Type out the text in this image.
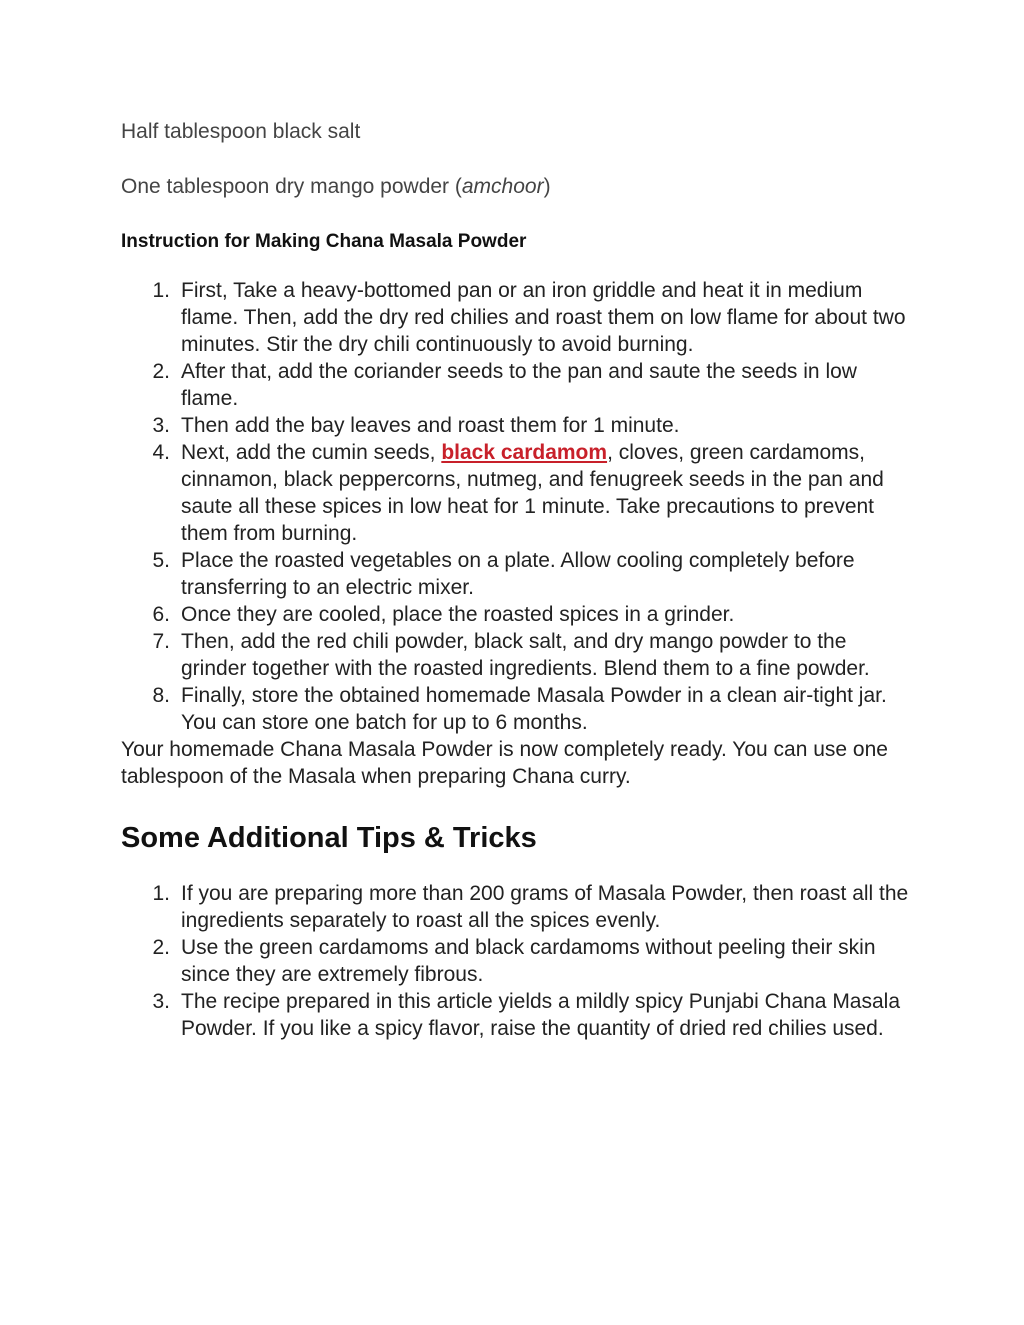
Half tablespoon black salt

One tablespoon dry mango powder (amchoor)

Instruction for Making Chana Masala Powder
1. First, Take a heavy-bottomed pan or an iron griddle and heat it in medium flame. Then, add the dry red chilies and roast them on low flame for about two minutes. Stir the dry chili continuously to avoid burning.
2. After that, add the coriander seeds to the pan and saute the seeds in low flame.
3. Then add the bay leaves and roast them for 1 minute.
4. Next, add the cumin seeds, black cardamom, cloves, green cardamoms, cinnamon, black peppercorns, nutmeg, and fenugreek seeds in the pan and saute all these spices in low heat for 1 minute. Take precautions to prevent them from burning.
5. Place the roasted vegetables on a plate. Allow cooling completely before transferring to an electric mixer.
6. Once they are cooled, place the roasted spices in a grinder.
7. Then, add the red chili powder, black salt, and dry mango powder to the grinder together with the roasted ingredients. Blend them to a fine powder.
8. Finally, store the obtained homemade Masala Powder in a clean air-tight jar. You can store one batch for up to 6 months.

Your homemade Chana Masala Powder is now completely ready. You can use one tablespoon of the Masala when preparing Chana curry.

Some Additional Tips & Tricks
1. If you are preparing more than 200 grams of Masala Powder, then roast all the ingredients separately to roast all the spices evenly.
2. Use the green cardamoms and black cardamoms without peeling their skin since they are extremely fibrous.
3. The recipe prepared in this article yields a mildly spicy Punjabi Chana Masala Powder. If you like a spicy flavor, raise the quantity of dried red chilies used.
